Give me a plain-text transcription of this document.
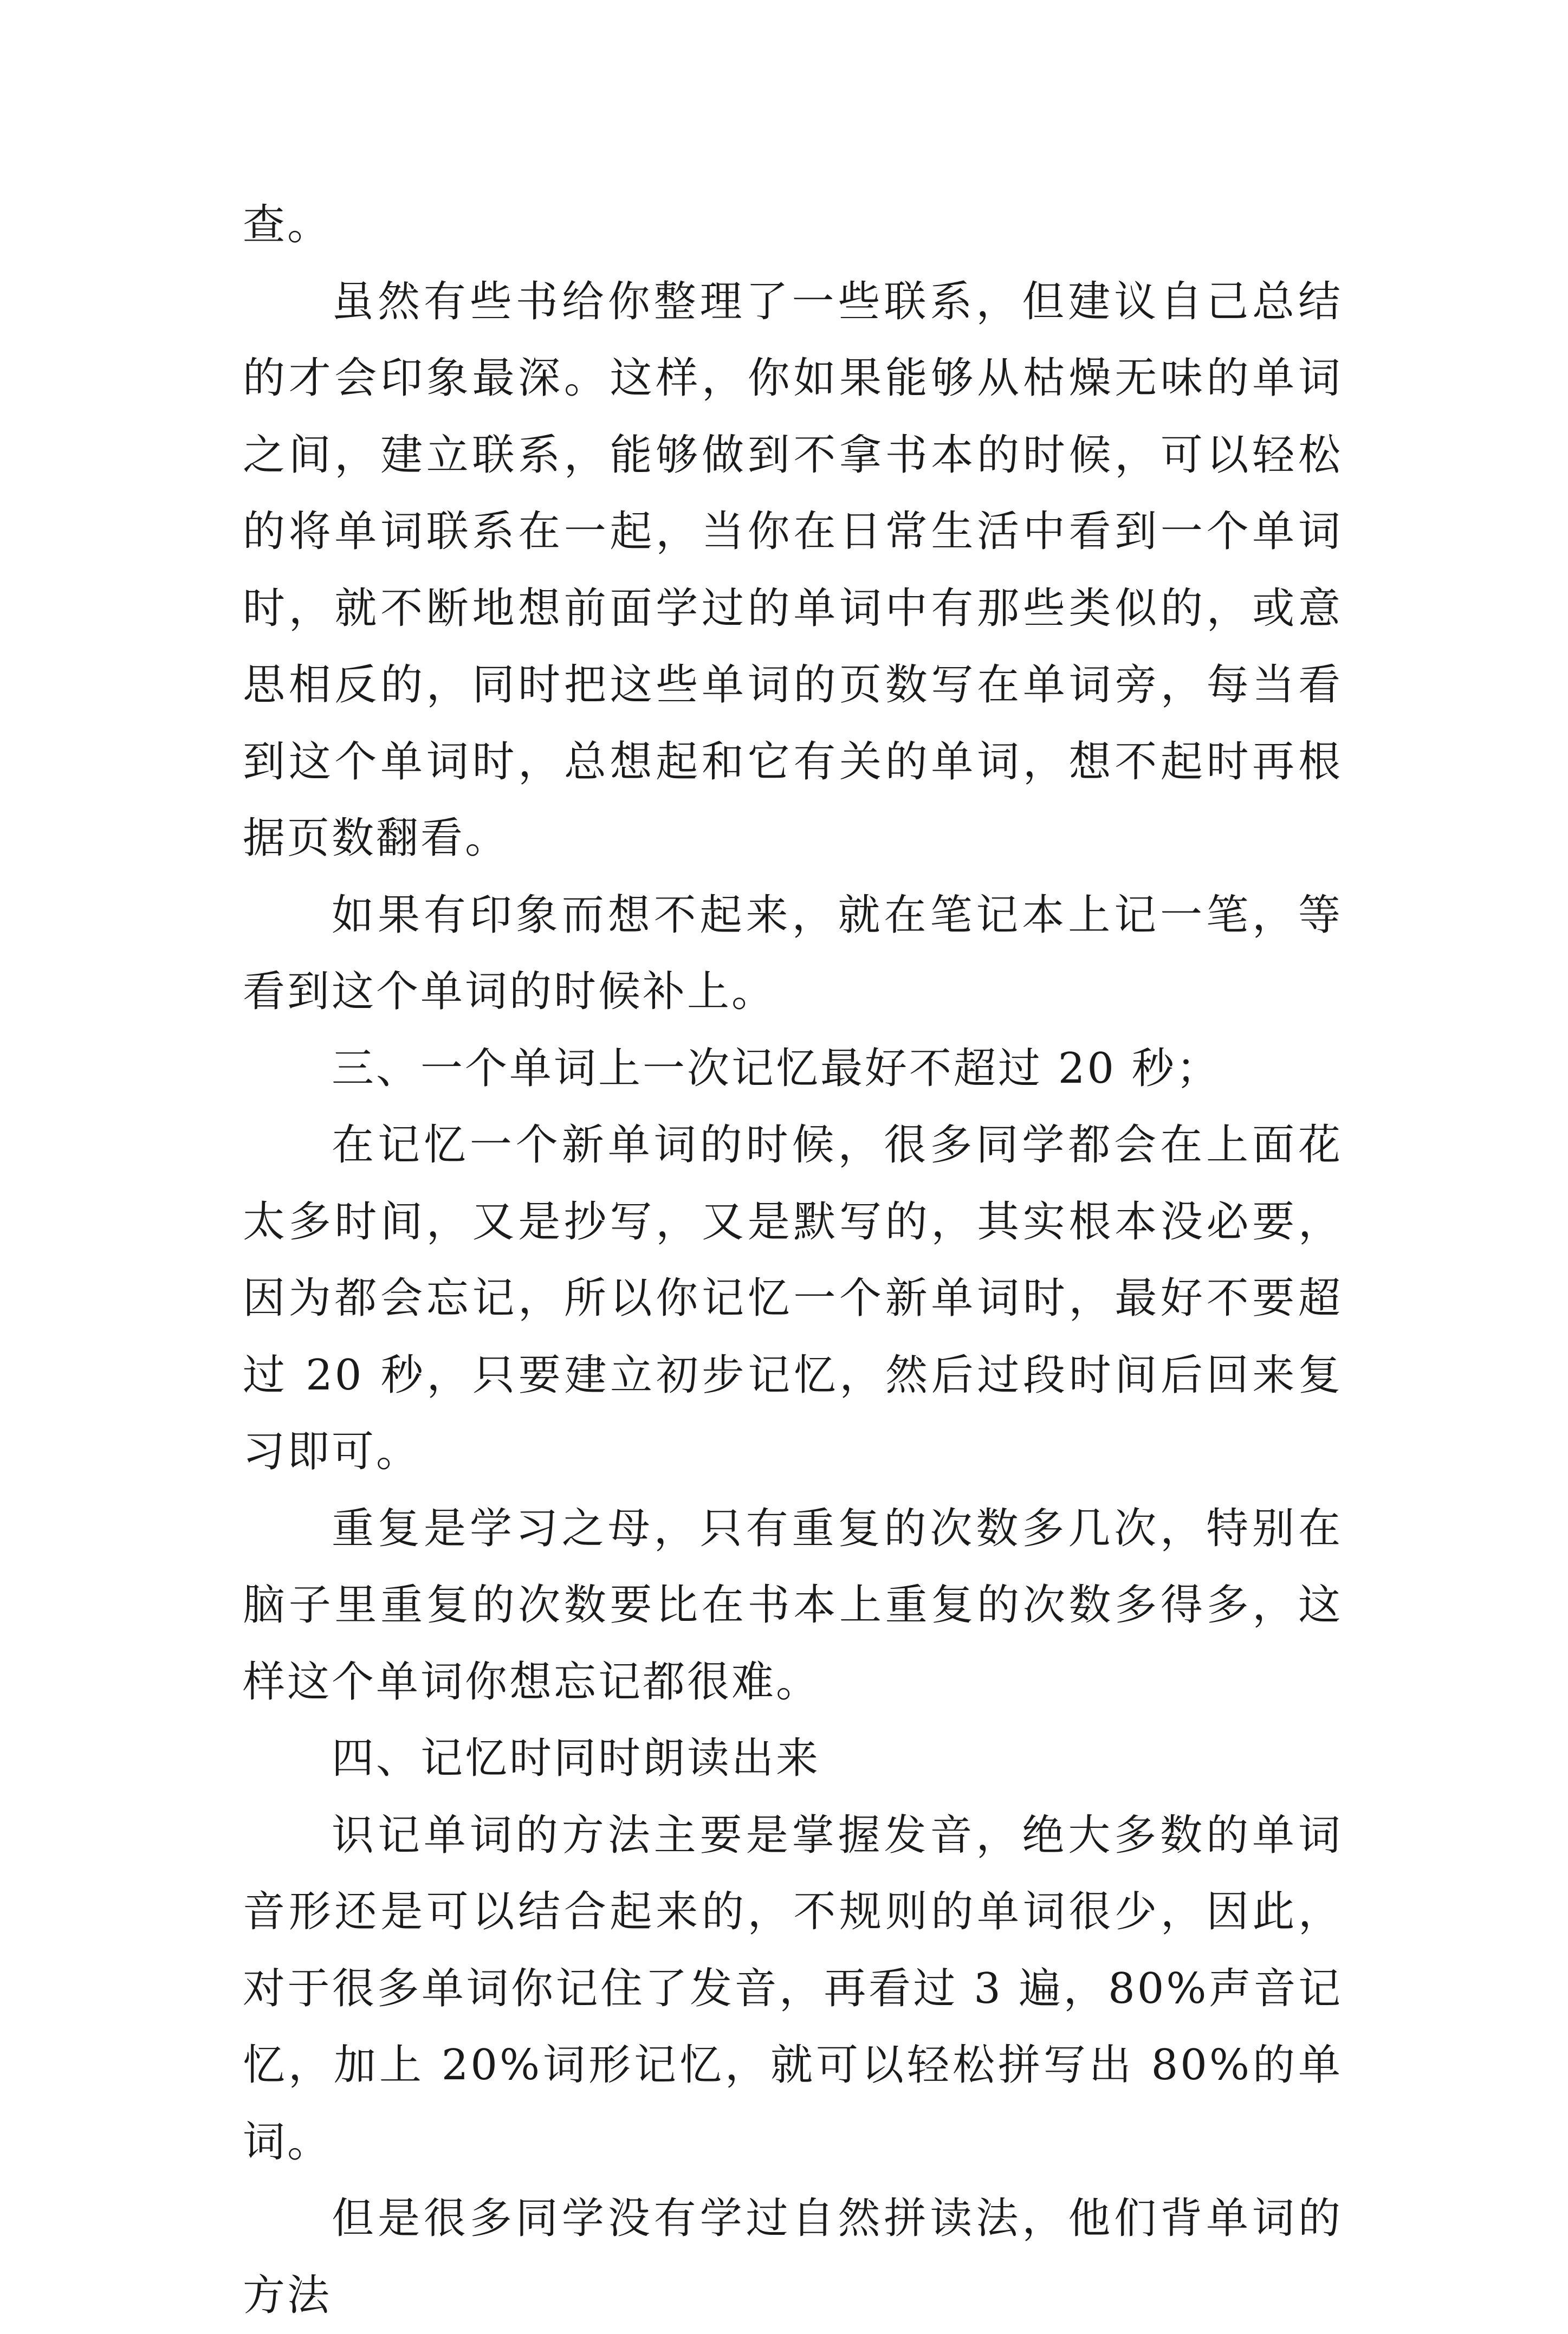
查。

虽然有些书给你整理了一些联系，但建议自己总结的才会印象最深。这样，你如果能够从枯燥无味的单词之间，建立联系，能够做到不拿书本的时候，可以轻松的将单词联系在一起，当你在日常生活中看到一个单词时，就不断地想前面学过的单词中有那些类似的，或意思相反的，同时把这些单词的页数写在单词旁，每当看到这个单词时，总想起和它有关的单词，想不起时再根据页数翻看。

如果有印象而想不起来，就在笔记本上记一笔，等看到这个单词的时候补上。

三、一个单词上一次记忆最好不超过 20 秒；

在记忆一个新单词的时候，很多同学都会在上面花太多时间，又是抄写，又是默写的，其实根本没必要，因为都会忘记，所以你记忆一个新单词时，最好不要超过 20 秒，只要建立初步记忆，然后过段时间后回来复习即可。

重复是学习之母，只有重复的次数多几次，特别在脑子里重复的次数要比在书本上重复的次数多得多，这样这个单词你想忘记都很难。

四、记忆时同时朗读出来

识记单词的方法主要是掌握发音，绝大多数的单词音形还是可以结合起来的，不规则的单词很少，因此，对于很多单词你记住了发音，再看过 3 遍，80%声音记忆，加上 20%词形记忆，就可以轻松拼写出 80%的单词。

但是很多同学没有学过自然拼读法，他们背单词的方法
